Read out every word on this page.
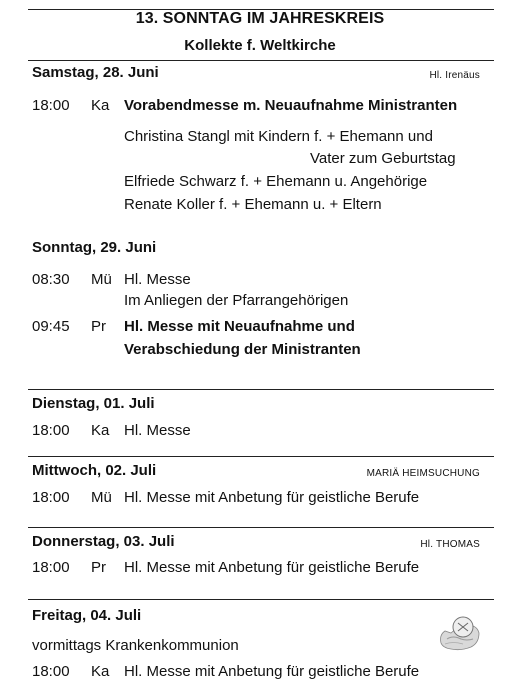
13. SONNTAG IM JAHRESKREIS
Kollekte f. Weltkirche
Samstag, 28. Juni	Hl. Irenäus
18:00 Ka Vorabendmesse m. Neuaufnahme Ministranten
Christina Stangl mit Kindern f. + Ehemann und
Vater zum Geburtstag
Elfriede Schwarz f. + Ehemann u. Angehörige
Renate Koller f. + Ehemann u. + Eltern
Sonntag, 29. Juni
08:30 Mü Hl. Messe
Im Anliegen der Pfarrangehörigen
09:45 Pr Hl. Messe mit Neuaufnahme und
Verabschiedung der Ministranten
Dienstag, 01. Juli
18:00 Ka Hl. Messe
Mittwoch, 02. Juli	MARIÄ HEIMSUCHUNG
18:00 Mü Hl. Messe mit Anbetung für geistliche Berufe
Donnerstag, 03. Juli	Hl. THOMAS
18:00 Pr Hl. Messe mit Anbetung für geistliche Berufe
Freitag, 04. Juli
vormittags Krankenkommunion
18:00 Ka Hl. Messe mit Anbetung für geistliche Berufe
